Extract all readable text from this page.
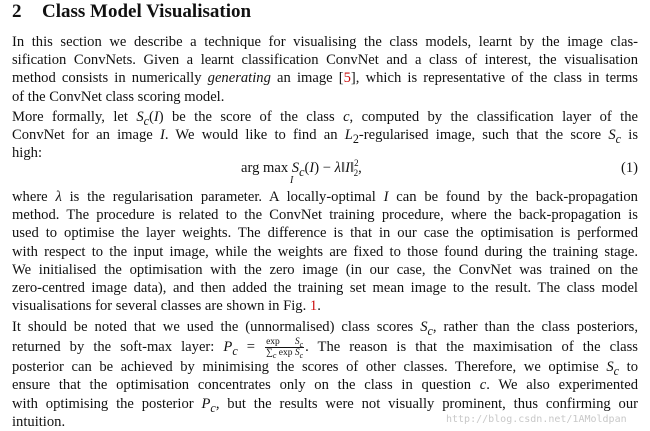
2 Class Model Visualisation
In this section we describe a technique for visualising the class models, learnt by the image clas-
sification ConvNets. Given a learnt classification ConvNet and a class of interest, the visualisation
method consists in numerically generating an image [5], which is representative of the class in terms
of the ConvNet class scoring model.
More formally, let $S_c(I)$ be the score of the class c, computed by the classification layer of the
ConvNet for an image I. We would like to find an $L_2$-regularised image, such that the score $S_c$ is
high:
arg $\max S_c(I)$ − λ‖I‖$^2_2$,
I
(1)
where λ is the regularisation parameter. A locally-optimal I can be found by the back-propagation
method. The procedure is related to the ConvNet training procedure, where the back-propagation is
used to optimise the layer weights. The difference is that in our case the optimisation is performed
with respect to the input image, while the weights are fixed to those found during the training stage.
We initialised the optimisation with the zero image (in our case, the ConvNet was trained on the
zero-centred image data), and then added the training set mean image to the result. The class model
visualisations for several classes are shown in Fig. 1.
It should be noted that we used the (unnormalised) class scores $S_c$, rather than the class posteriors,
returned by the soft-max layer: $P_c = \frac{\exp S_c}{\sum_c \exp S_c}$ . The reason is that the maximisation of the class
posterior can be achieved by minimising the scores of other classes. Therefore, we optimise $S_c$ to
ensure that the optimisation concentrates only on the class in question c. We also experimented
with optimising the posterior $P_c$, but the results were not visually prominent, thus confirming our
intuition.	http://blog.csdn.net/1AMoldpan
